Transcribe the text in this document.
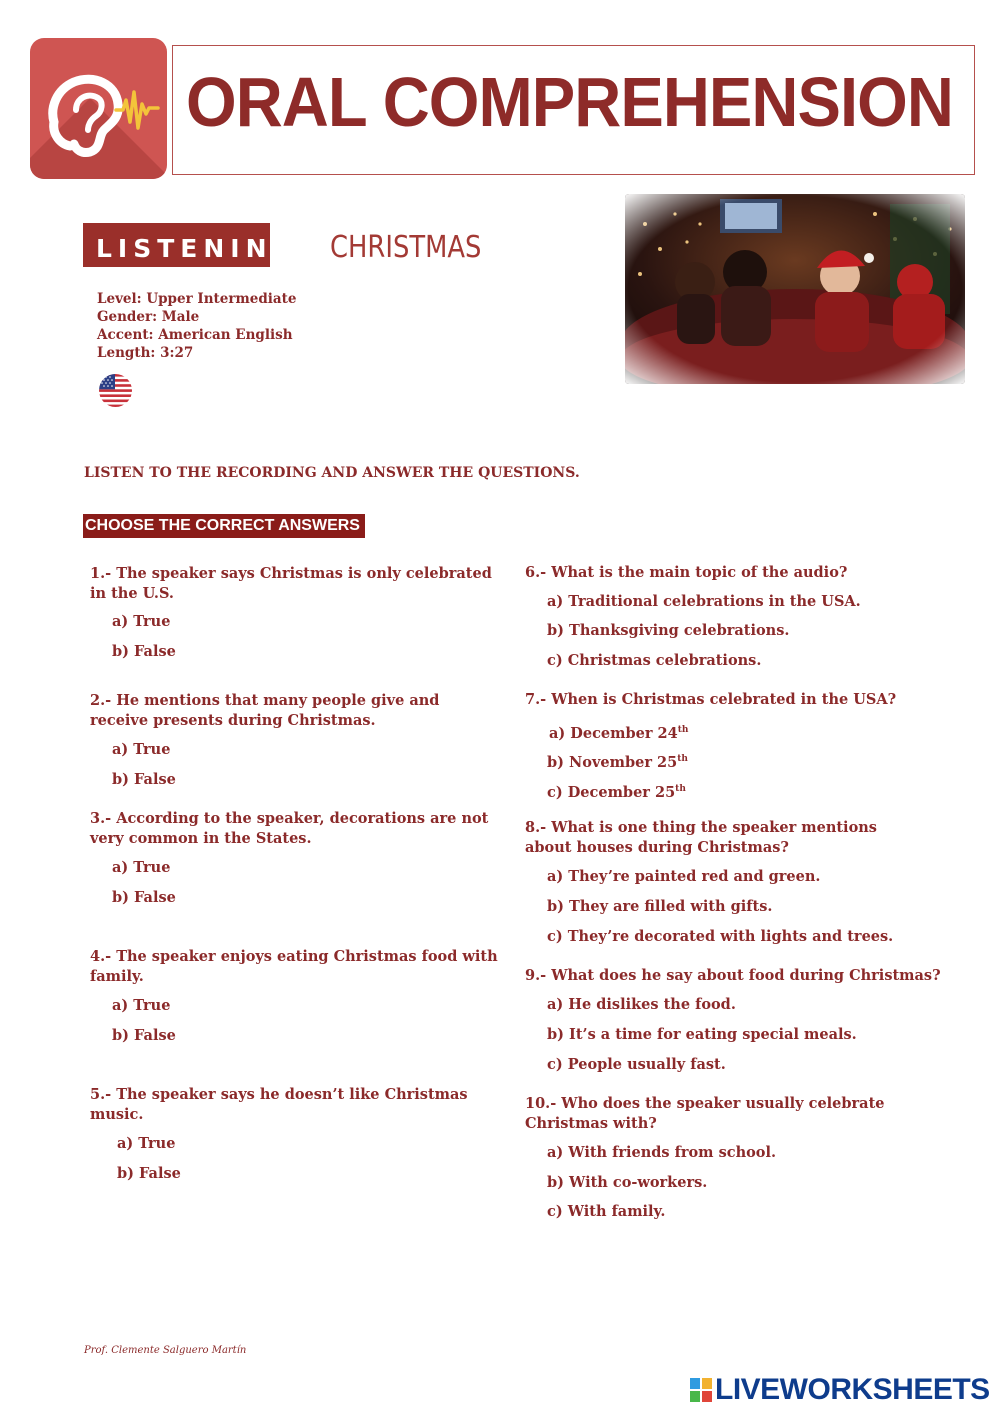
ORAL COMPREHENSION
LISTENING CHRISTMAS
Level: Upper Intermediate
Gender: Male
Accent: American English
Length: 3:27
LISTEN TO THE RECORDING AND ANSWER THE QUESTIONS.
CHOOSE THE CORRECT ANSWERS
1.- The speaker says Christmas is only celebrated in the U.S.
a) True
b) False
2.- He mentions that many people give and receive presents during Christmas.
a) True
b) False
3.- According to the speaker, decorations are not very common in the States.
a) True
b) False
4.- The speaker enjoys eating Christmas food with family.
a) True
b) False
5.- The speaker says he doesn’t like Christmas music.
a) True
b) False
6.- What is the main topic of the audio?
a) Traditional celebrations in the USA.
b) Thanksgiving celebrations.
c) Christmas celebrations.
7.- When is Christmas celebrated in the USA?
a) December 24th
b) November 25th
c) December 25th
8.- What is one thing the speaker mentions about houses during Christmas?
a) They’re painted red and green.
b) They are filled with gifts.
c) They’re decorated with lights and trees.
9.- What does he say about food during Christmas?
a) He dislikes the food.
b) It’s a time for eating special meals.
c) People usually fast.
10.- Who does the speaker usually celebrate Christmas with?
a) With friends from school.
b) With co-workers.
c) With family.
Prof. Clemente Salguero Martín
LIVEWORKSHEETS
